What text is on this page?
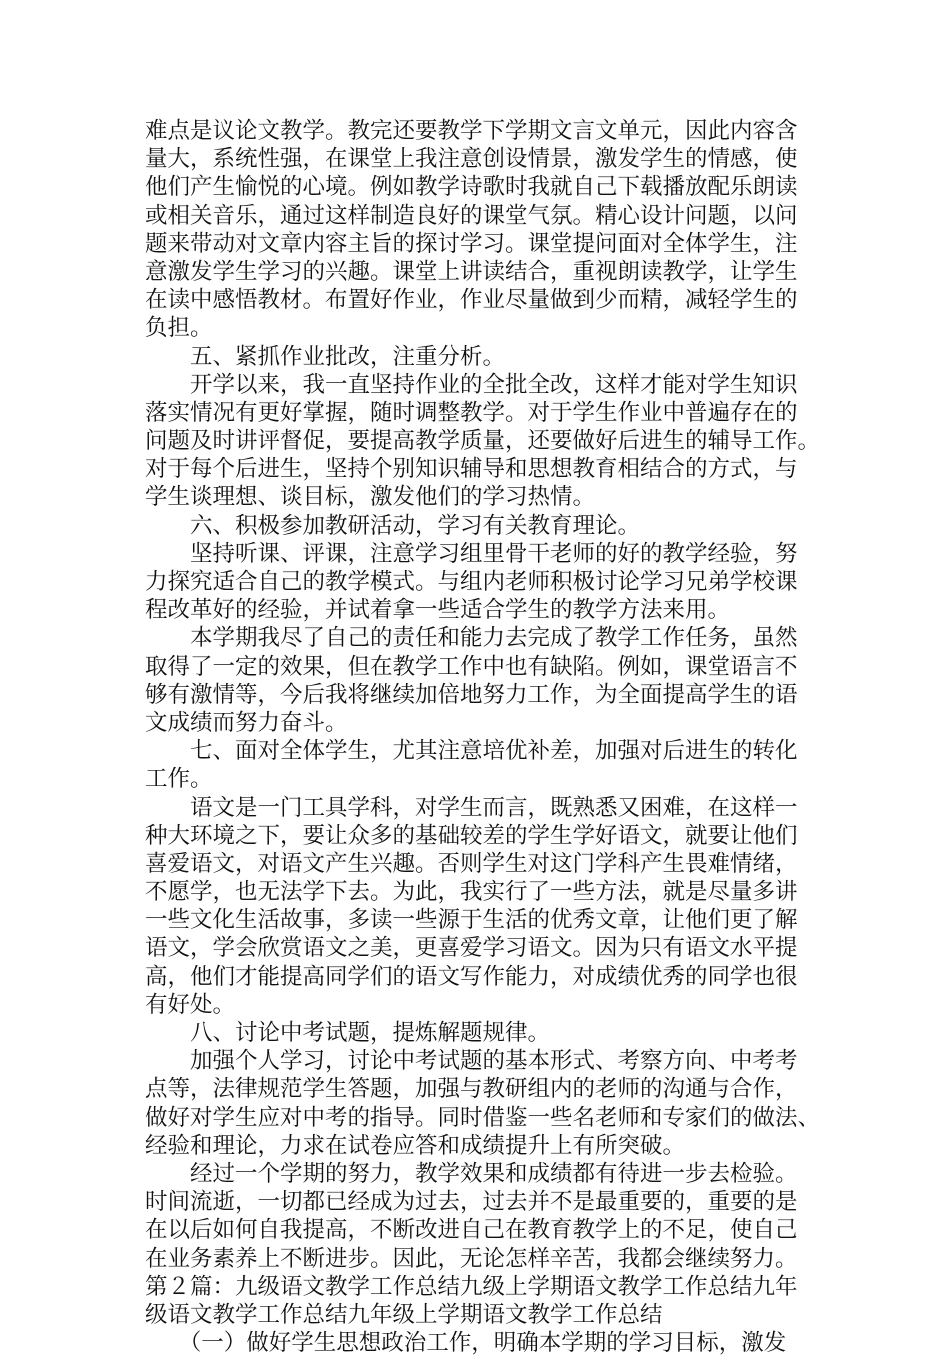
难点是议论文教学。教完还要教学下学期文言文单元，因此内容含
量大，系统性强，在课堂上我注意创设情景，激发学生的情感，使
他们产生愉悦的心境。例如教学诗歌时我就自己下载播放配乐朗读
或相关音乐，通过这样制造良好的课堂气氛。精心设计问题，以问
题来带动对文章内容主旨的探讨学习。课堂提问面对全体学生，注
意激发学生学习的兴趣。课堂上讲读结合，重视朗读教学，让学生
在读中感悟教材。布置好作业，作业尽量做到少而精，减轻学生的
负担。
　　五、紧抓作业批改，注重分析。
　　开学以来，我一直坚持作业的全批全改，这样才能对学生知识
落实情况有更好掌握，随时调整教学。对于学生作业中普遍存在的
问题及时讲评督促，要提高教学质量，还要做好后进生的辅导工作。
对于每个后进生，坚持个别知识辅导和思想教育相结合的方式，与
学生谈理想、谈目标，激发他们的学习热情。
　　六、积极参加教研活动，学习有关教育理论。
　　坚持听课、评课，注意学习组里骨干老师的好的教学经验，努
力探究适合自己的教学模式。与组内老师积极讨论学习兄弟学校课
程改革好的经验，并试着拿一些适合学生的教学方法来用。
　　本学期我尽了自己的责任和能力去完成了教学工作任务，虽然
取得了一定的效果，但在教学工作中也有缺陷。例如，课堂语言不
够有激情等，今后我将继续加倍地努力工作，为全面提高学生的语
文成绩而努力奋斗。
　　七、面对全体学生，尤其注意培优补差，加强对后进生的转化
工作。
　　语文是一门工具学科，对学生而言，既熟悉又困难，在这样一
种大环境之下，要让众多的基础较差的学生学好语文，就要让他们
喜爱语文，对语文产生兴趣。否则学生对这门学科产生畏难情绪，
不愿学，也无法学下去。为此，我实行了一些方法，就是尽量多讲
一些文化生活故事，多读一些源于生活的优秀文章，让他们更了解
语文，学会欣赏语文之美，更喜爱学习语文。因为只有语文水平提
高，他们才能提高同学们的语文写作能力，对成绩优秀的同学也很
有好处。
　　八、讨论中考试题，提炼解题规律。
　　加强个人学习，讨论中考试题的基本形式、考察方向、中考考
点等，法律规范学生答题，加强与教研组内的老师的沟通与合作，
做好对学生应对中考的指导。同时借鉴一些名老师和专家们的做法、
经验和理论，力求在试卷应答和成绩提升上有所突破。
　　经过一个学期的努力，教学效果和成绩都有待进一步去检验。
时间流逝，一切都已经成为过去，过去并不是最重要的，重要的是
在以后如何自我提高，不断改进自己在教育教学上的不足，使自己
在业务素养上不断进步。因此，无论怎样辛苦，我都会继续努力。
第２篇：九级语文教学工作总结九级上学期语文教学工作总结九年
级语文教学工作总结九年级上学期语文教学工作总结
　　（一）做好学生思想政治工作，明确本学期的学习目标，激发
